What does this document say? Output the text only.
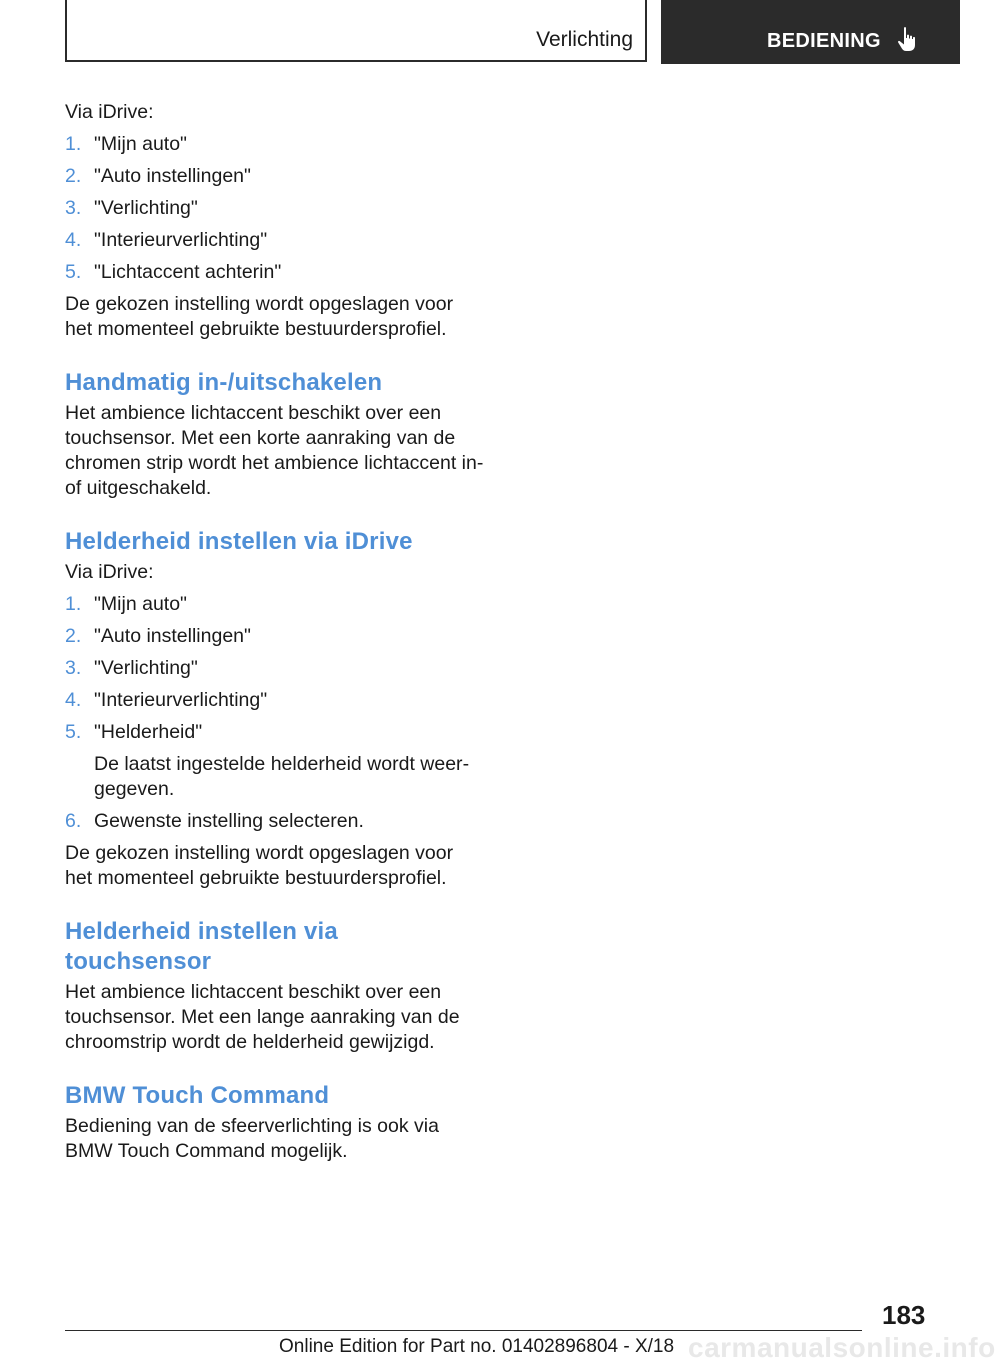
Verlichting	BEDIENING

Via iDrive:

1. "Mijn auto"
2. "Auto instellingen"
3. "Verlichting"
4. "Interieurverlichting"
5. "Lichtaccent achterin"

De gekozen instelling wordt opgeslagen voor het momenteel gebruikte bestuurdersprofiel.

Handmatig in-/uitschakelen

Het ambience lichtaccent beschikt over een touchsensor. Met een korte aanraking van de chromen strip wordt het ambience lichtaccent in- of uitgeschakeld.

Helderheid instellen via iDrive

Via iDrive:

1. "Mijn auto"
2. "Auto instellingen"
3. "Verlichting"
4. "Interieurverlichting"
5. "Helderheid"
De laatst ingestelde helderheid wordt weergegeven.
6. Gewenste instelling selecteren.

De gekozen instelling wordt opgeslagen voor het momenteel gebruikte bestuurdersprofiel.

Helderheid instellen via touchsensor

Het ambience lichtaccent beschikt over een touchsensor. Met een lange aanraking van de chroomstrip wordt de helderheid gewijzigd.

BMW Touch Command

Bediening van de sfeerverlichting is ook via BMW Touch Command mogelijk.

183
Online Edition for Part no. 01402896804 - X/18 carmanualsonline.info
